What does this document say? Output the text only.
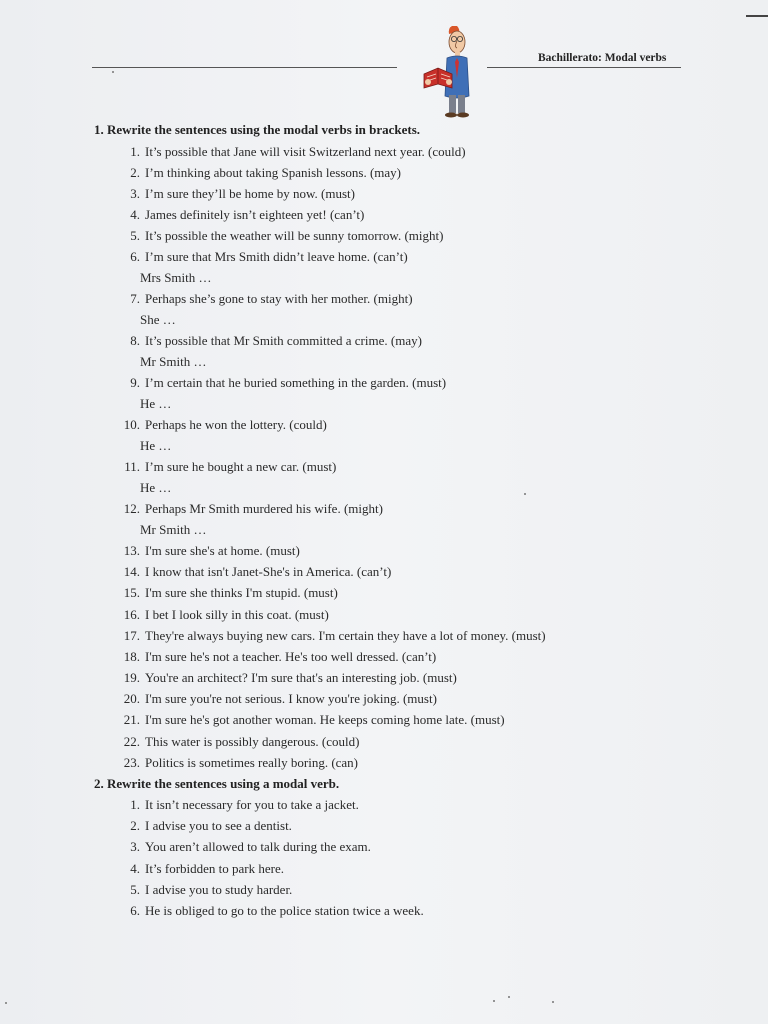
Bachillerato: Modal verbs
1. Rewrite the sentences using the modal verbs in brackets.
1. It’s possible that Jane will visit Switzerland next year. (could)
2. I’m thinking about taking Spanish lessons. (may)
3. I’m sure they’ll be home by now. (must)
4. James definitely isn’t eighteen yet! (can’t)
5. It’s possible the weather will be sunny tomorrow. (might)
6. I’m sure that Mrs Smith didn’t leave home. (can’t)
Mrs Smith …
7. Perhaps she’s gone to stay with her mother. (might)
She …
8. It’s possible that Mr Smith committed a crime. (may)
Mr Smith …
9. I’m certain that he buried something in the garden. (must)
He …
10. Perhaps he won the lottery. (could)
He …
11. I’m sure he bought a new car. (must)
He …
12. Perhaps Mr Smith murdered his wife. (might)
Mr Smith …
13. I'm sure she's at home. (must)
14. I know that isn't Janet-She's in America. (can’t)
15. I'm sure she thinks I'm stupid. (must)
16. I bet I look silly in this coat. (must)
17. They're always buying new cars. I'm certain they have a lot of money. (must)
18. I'm sure he's not a teacher. He's too well dressed. (can’t)
19. You're an architect? I'm sure that's an interesting job. (must)
20. I'm sure you're not serious. I know you're joking. (must)
21. I'm sure he's got another woman. He keeps coming home late. (must)
22. This water is possibly dangerous. (could)
23. Politics is sometimes really boring. (can)
2. Rewrite the sentences using a modal verb.
1. It isn’t necessary for you to take a jacket.
2. I advise you to see a dentist.
3. You aren’t allowed to talk during the exam.
4. It’s forbidden to park here.
5. I advise you to study harder.
6. He is obliged to go to the police station twice a week.
